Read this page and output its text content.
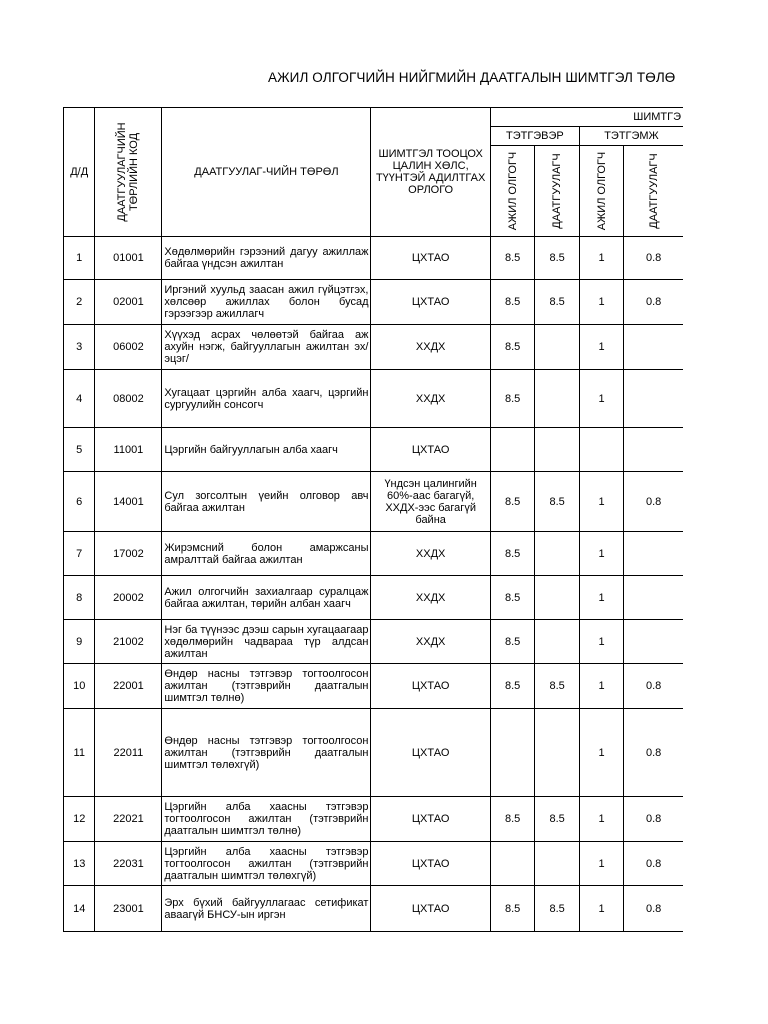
АЖИЛ ОЛГОГЧИЙН НИЙГМИЙН ДААТГАЛЫН ШИМТГЭЛ ТӨЛӨ
Д/Д	ДААТГУУЛАГЧИЙН ТӨРЛИЙН КОД	ДААТГУУЛАГ-ЧИЙН ТӨРӨЛ	ШИМТГЭЛ ТООЦОХ ЦАЛИН ХӨЛС, ТҮҮНТЭЙ АДИЛТГАХ ОРЛОГО	ШИМТГЭ			
				ТЭТГЭВЭР		ТЭТГЭМЖ	

				АЖИЛ ОЛГОГЧ	ДААТГУУЛАГЧ	АЖИЛ ОЛГОГЧ	ДААТГУУЛАГЧ

1	01001	Хөдөлмөрийн гэрээний дагуу ажиллаж байгаа үндсэн ажилтан	ЦХТАО	8.5	8.5	1	0.8
2	02001	Иргэний хуульд заасан ажил гүйцэтгэх, хөлсөөр ажиллах болон бусад гэрээгээр ажиллагч	ЦХТАО	8.5	8.5	1	0.8
3	06002	Хүүхэд асрах чөлөөтэй байгаа аж ахуйн нэгж, байгууллагын ажилтан эх/эцэг/	ХХДХ	8.5		1	
4	08002	Хугацаат цэргийн алба хаагч, цэргийн сургуулийн сонсогч	ХХДХ	8.5		1	
5	11001	Цэргийн байгууллагын алба хаагч	ЦХТАО				
6	14001	Сул зогсолтын үеийн олговор авч байгаа ажилтан	Үндсэн цалингийн 60%-аас багагүй, ХХДХ-ээс багагүй байна	8.5	8.5	1	0.8
7	17002	Жирэмсний болон амаржсаны амралттай байгаа ажилтан	ХХДХ	8.5		1	
8	20002	Ажил олгогчийн захиалгаар суралцаж байгаа ажилтан, төрийн албан хаагч	ХХДХ	8.5		1	
9	21002	Нэг ба түүнээс дээш сарын хугацаагаар хөдөлмөрийн чадвараа түр алдсан ажилтан	ХХДХ	8.5		1	
10	22001	Өндөр насны тэтгэвэр тогтоолгосон ажилтан (тэтгэврийн даатгалын шимтгэл төлнө)	ЦХТАО	8.5	8.5	1	0.8
11	22011	Өндөр насны тэтгэвэр тогтоолгосон ажилтан (тэтгэврийн даатгалын шимтгэл төлөхгүй)	ЦХТАО			1	0.8
12	22021	Цэргийн алба хаасны тэтгэвэр тогтоолгосон ажилтан (тэтгэврийн даатгалын шимтгэл төлнө)	ЦХТАО	8.5	8.5	1	0.8
13	22031	Цэргийн алба хаасны тэтгэвэр тогтоолгосон ажилтан (тэтгэврийн даатгалын шимтгэл төлөхгүй)	ЦХТАО			1	0.8
14	23001	Эрх бүхий байгууллагаас сетификат аваагүй БНСУ-ын иргэн	ЦХТАО	8.5	8.5	1	0.8
